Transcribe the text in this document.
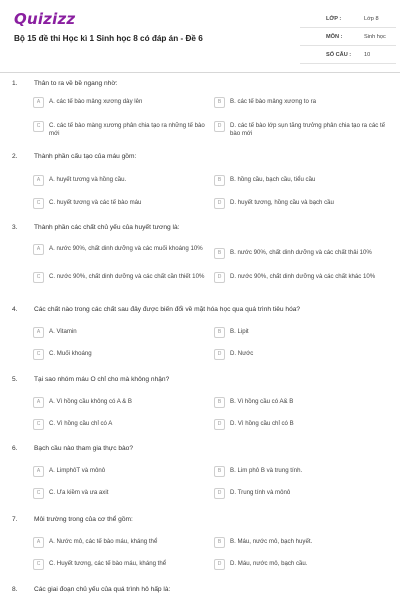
Quizizz
Bộ 15 đề thi Học kì 1 Sinh học 8 có đáp án - Đề 6
LỚP :	Lớp 8
MÔN :	Sinh học
SỐ CÂU :	10
1.	Thân to ra về bề ngang nhờ:
A	A. các tế bào mảng xương dày lên	B	B. các tế bào mảng xương to ra
C	C. các tế bào màng xương phân chia tạo ra những tế bào mới
D	D. các tế bào lớp sụn tăng trưởng phân chia tạo ra các tế bào mới
2.	Thành phần cấu tạo của máu gồm:
A	A. huyết tương và hồng cầu.	B	B. hồng cầu, bạch cầu, tiểu cầu
C	C. huyết tương và các tế bào máu	D	D. huyết tương, hồng cầu và bạch cầu
3.	Thành phần các chất chủ yếu của huyết tương là:
A	A. nước 90%, chất dinh dưỡng và các muối khoáng 10%
B	B. nước 90%, chất dinh dưỡng và các chất thải 10%
C	C. nước 90%, chất dinh dưỡng và các chất cần thiết 10%	D	D. nước 90%, chất dinh dưỡng và các chất khác 10%
4.	Các chất nào trong các chất sau đây được biến đổi về mặt hóa học qua quá trình tiêu hóa?
A	A. Vitamin	B	B. Lipit
C	C. Muối khoáng	D	D. Nước
5.	Tại sao nhóm máu O chỉ cho mà không nhận?
A	A. Vì hồng cầu không có A & B	B	B. Vì hồng cầu có A& B
C	C. Vì hồng cầu chỉ có A	D	D. Vì hồng cầu chỉ có B
6.	Bạch cầu nào tham gia thực bào?
A	A. LimphôT và mônô	B	B. Lim phô B và trung tính.
C	C. Ưa kiềm và ưa axit	D	D. Trung tính và mônô
7.	Môi trường trong của cơ thể gồm:
A	A. Nước mô, các tế bào máu, kháng thể	B	B. Máu, nước mô, bạch huyết.
C	C. Huyết tương, các tế bào máu, kháng thể	D	D. Máu, nước mô, bạch cầu.
8.	Các giai đoạn chủ yếu của quá trình hô hấp là:
